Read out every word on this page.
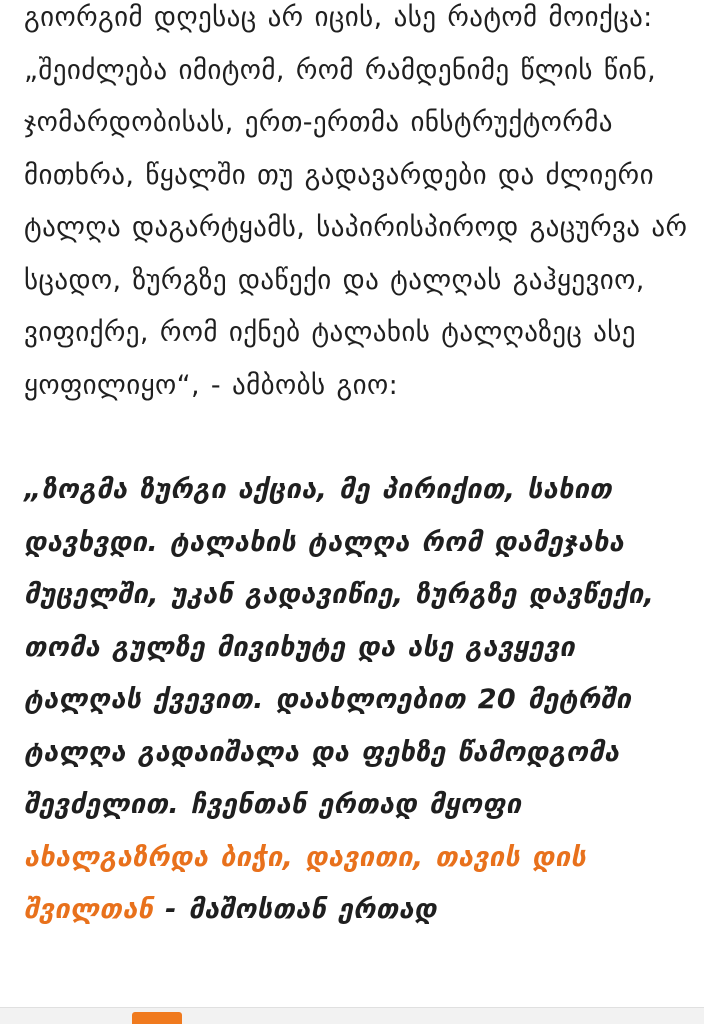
გიორგიმ დღესაც არ იცის, ასე რატომ მოიქცა: „შეიძლება იმიტომ, რომ რამდენიმე წლის წინ, ჯომარდობისას, ერთ-ერთმა ინსტრუქტორმა მითხრა, წყალში თუ გადავარდები და ძლიერი ტალღა დაგარტყამს, საპირისპიროდ გაცურვა არ სცადო, ზურგზე დაწექი და ტალღას გაჰყევიო, ვიფიქრე, რომ იქნებ ტალახის ტალღაზეც ასე ყოფილიყო“, - ამბობს გიო:

„ზოგმა ზურგი აქცია, მე პირიქით, სახით დავხვდი. ტალახის ტალღა რომ დამეჯახა მუცელში, უკან გადავიწიე, ზურგზე დავწექი, თომა გულზე მივიხუტე და ასე გავყევი ტალღას ქვევით. დაახლოებით 20 მეტრში ტალღა გადაიშალა და ფეხზე წამოდგომა შევძელით. ჩვენთან ერთად მყოფი ახალგაზრდა ბიჭი, დავითი, თავის დის შვილთან - მაშოსთან ერთად
